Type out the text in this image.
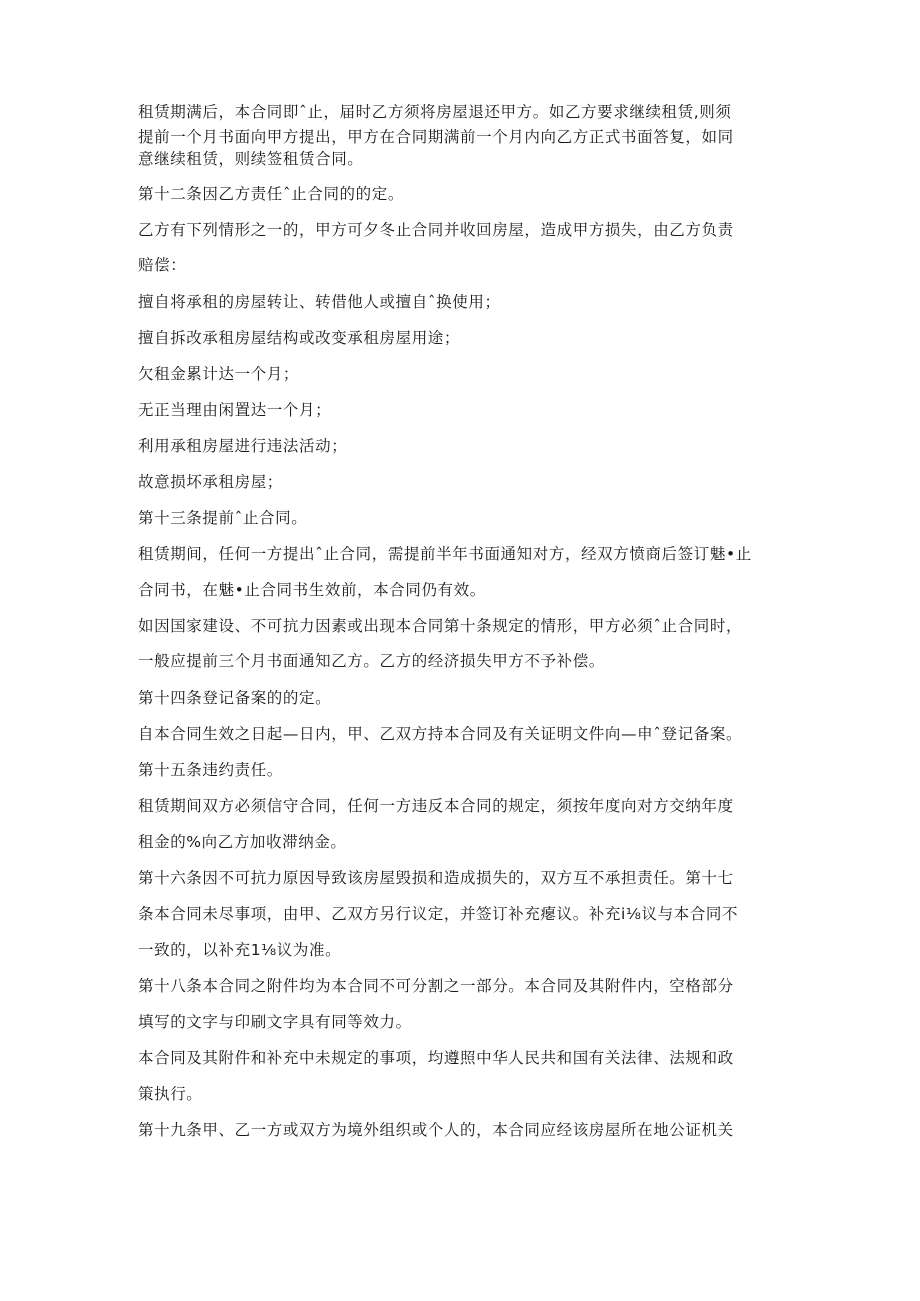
租赁期满后，本合同即ˆ止，届时乙方须将房屋退还甲方。如乙方要求继续租赁,则须
提前一个月书面向甲方提出，甲方在合同期满前一个月内向乙方正式书面答复，如同
意继续租赁，则续签租赁合同。
第十二条因乙方责任ˆ止合同的的定。
乙方有下列情形之一的，甲方可夕冬止合同并收回房屋，造成甲方损失，由乙方负责
赔偿：
擅自将承租的房屋转让、转借他人或擅自ˆ换使用；
擅自拆改承租房屋结构或改变承租房屋用途；
欠租金累计达一个月；
无正当理由闲置达一个月；
利用承租房屋进行违法活动；
故意损坏承租房屋；
第十三条提前ˆ止合同。
租赁期间，任何一方提出ˆ止合同，需提前半年书面通知对方，经双方愤商后签订魅•止
合同书，在魅•止合同书生效前，本合同仍有效。
如因国家建设、不可抗力因素或出现本合同第十条规定的情形，甲方必须ˆ止合同时，
一般应提前三个月书面通知乙方。乙方的经济损失甲方不予补偿。
第十四条登记备案的的定。
自本合同生效之日起—日内，甲、乙双方持本合同及有关证明文件向—申ˆ登记备案。
第十五条违约责任。
租赁期间双方必须信守合同，任何一方违反本合同的规定，须按年度向对方交纳年度
租金的%向乙方加收滞纳金。
第十六条因不可抗力原因导致该房屋毁损和造成损失的，双方互不承担责任。第十七
条本合同未尽事项，由甲、乙双方另行议定，并签订补充瘪议。补充i⅛议与本合同不
一致的，以补充1⅛议为准。
第十八条本合同之附件均为本合同不可分割之一部分。本合同及其附件内，空格部分
填写的文字与印刷文字具有同等效力。
本合同及其附件和补充中未规定的事项，均遵照中华人民共和国有关法律、法规和政
策执行。
第十九条甲、乙一方或双方为境外组织或个人的，本合同应经该房屋所在地公证机关
